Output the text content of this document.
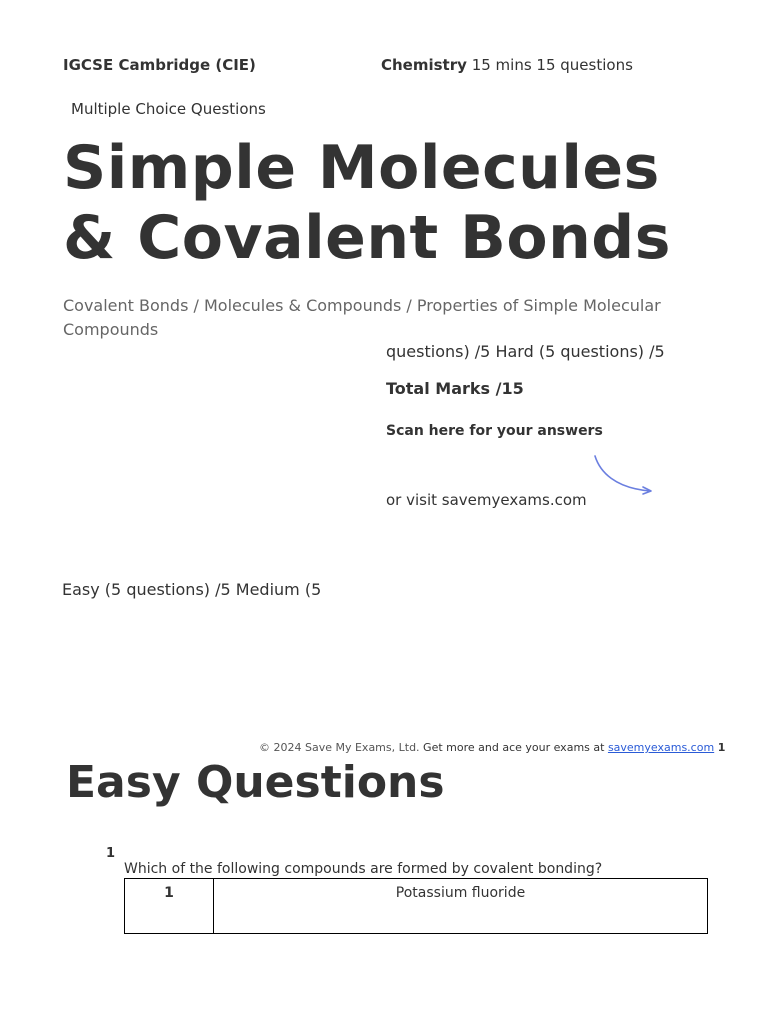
IGCSE Cambridge (CIE)	Chemistry 15 mins 15 questions
Multiple Choice Questions
Simple Molecules
& Covalent Bonds
Covalent Bonds / Molecules & Compounds / Properties of Simple Molecular Compounds
questions) /5 Hard (5 questions) /5
Total Marks /15
Scan here for your answers
or visit savemyexams.com
Easy (5 questions) /5 Medium (5
© 2024 Save My Exams, Ltd. Get more and ace your exams at savemyexams.com 1
Easy Questions
1
Which of the following compounds are formed by covalent bonding?
1	Potassium fluoride
